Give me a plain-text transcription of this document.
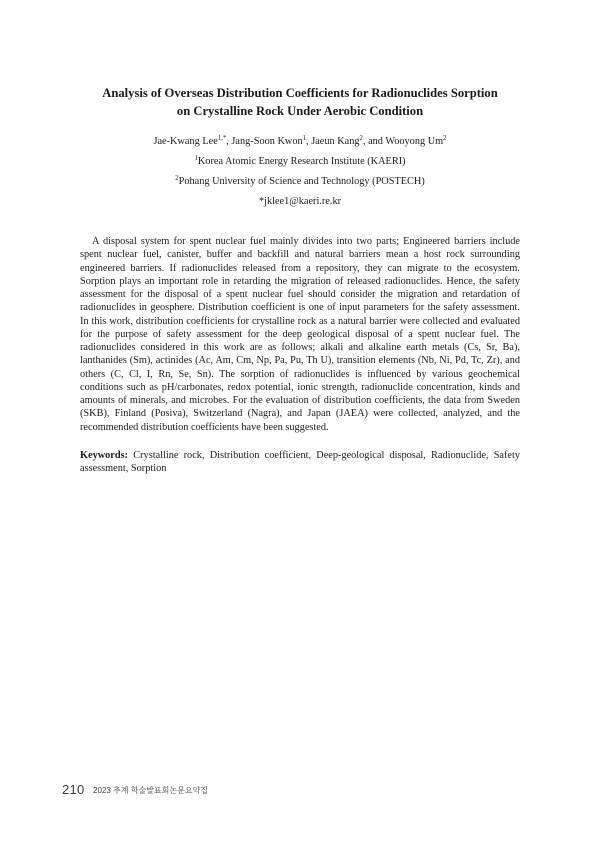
Analysis of Overseas Distribution Coefficients for Radionuclides Sorption
on Crystalline Rock Under Aerobic Condition
Jae-Kwang Lee$^{1,*}$, Jang-Soon Kwon$^1$, Jaeun Kang$^2$, and Wooyong Um$^2$
$^1$Korea Atomic Energy Research Institute (KAERI)
$^2$Pohang University of Science and Technology (POSTECH)
*jklee1@kaeri.re.kr

A disposal system for spent nuclear fuel mainly divides into two parts; Engineered barriers include spent nuclear fuel, canister, buffer and backfill and natural barriers mean a host rock surrounding engineered barriers. If radionuclides released from a repository, they can migrate to the ecosystem. Sorption plays an important role in retarding the migration of released radionuclides. Hence, the safety assessment for the disposal of a spent nuclear fuel should consider the migration and retardation of radionuclides in geosphere. Distribution coefficient is one of input parameters for the safety assessment. In this work, distribution coefficients for crystalline rock as a natural barrier were collected and evaluated for the purpose of safety assessment for the deep geological disposal of a spent nuclear fuel. The radionuclides considered in this work are as follows; alkali and alkaline earth metals (Cs, Sr, Ba), lanthanides (Sm), actinides (Ac, Am, Cm, Np, Pa, Pu, Th U), transition elements (Nb, Ni, Pd, Tc, Zr), and others (C, Cl, I, Rn, Se, Sn). The sorption of radionuclides is influenced by various geochemical conditions such as pH/carbonates, redox potential, ionic strength, radionuclide concentration, kinds and amounts of minerals, and microbes. For the evaluation of distribution coefficients, the data from Sweden (SKB), Finland (Posiva), Switzerland (Nagra), and Japan (JAEA) were collected, analyzed, and the recommended distribution coefficients have been suggested.

Keywords: Crystalline rock, Distribution coefficient, Deep-geological disposal, Radionuclide, Safety assessment, Sorption

210 2023 추계 학술발표회논문요약집
